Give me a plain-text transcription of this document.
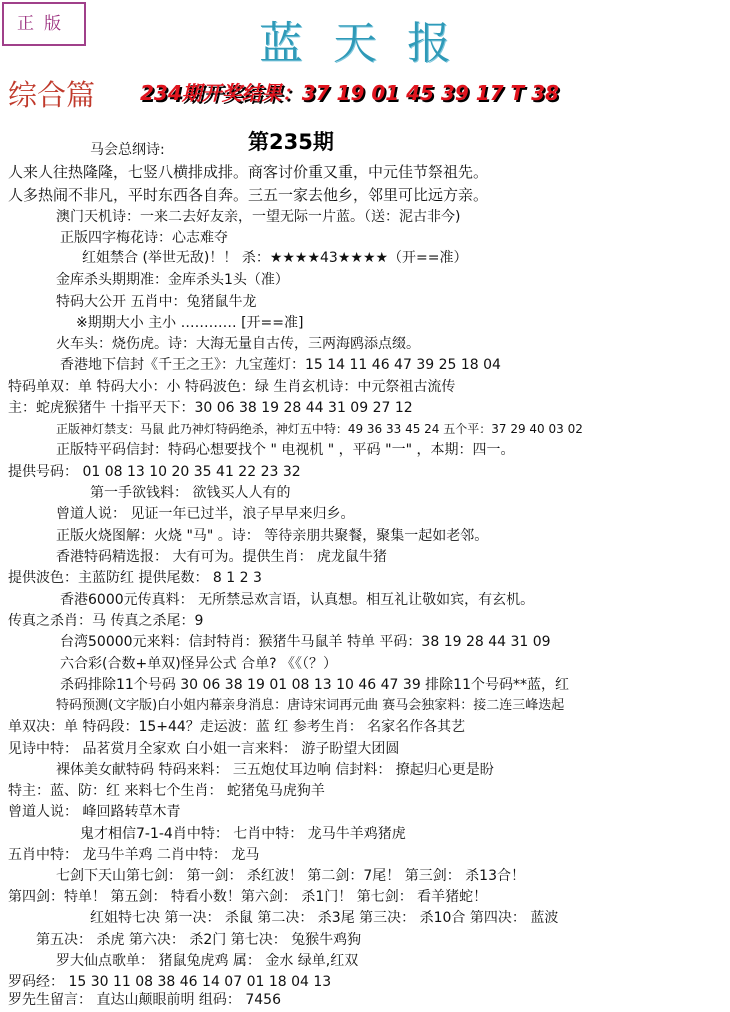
正版	蓝天报
综合篇 234期开奖结果：37 19 01 45 39 17 T 38
第235期
马会总纲诗:
人来人往热隆隆，七竖八横排成排。商客讨价重又重，中元佳节祭祖先。
人多热闹不非凡，平时东西各自奔。三五一家去他乡，邻里可比远方亲。
澳门天机诗：一来二去好友亲，一望无际一片蓝。（送：泥古非今)
正版四字梅花诗：心志难夺
红姐禁合 (举世无敌)！！ 杀：★★★★43★★★★（开==准）
金库杀头期期准：金库杀头1头（准）
特码大公开 五肖中：兔猪鼠牛龙
※期期大小 主小 ………… [开==准]
火车头：烧伤虎。诗：大海无量自古传，三两海鸥添点缀。
香港地下信封《千王之王》：九宝莲灯：15 14 11 46 47 39 25 18 04
特码单双：单 特码大小：小 特码波色：绿 生肖玄机诗：中元祭祖古流传
主：蛇虎猴猪牛 十指平天下：30 06 38 19 28 44 31 09 27 12
正版神灯禁支：马鼠 此乃神灯特码绝杀，神灯五中特：49 36 33 45 24 五个平：37 29 40 03 02
正版特平码信封：特码心想要找个 " 电视机 " ，平码 "一" ，本期：四一。
提供号码： 01 08 13 10 20 35 41 22 23 32
第一手欲钱料： 欲钱买人人有的
曾道人说： 见证一年已过半，浪子早早来归乡。
正版火烧图解：火烧 "马" 。诗： 等待亲朋共聚餐，聚集一起如老邻。
香港特码精选报： 大有可为。提供生肖： 虎龙鼠牛猪
提供波色：主蓝防红 提供尾数： 8 1 2 3
香港6000元传真料： 无所禁忌欢言语，认真想。相互礼让敬如宾，有玄机。
传真之杀肖：马 传真之杀尾：9
台湾50000元来料：信封特肖：猴猪牛马鼠羊 特单 平码：38 19 28 44 31 09
六合彩(合数+单双)怪异公式 合单? 《《（？）
杀码排除11个号码 30 06 38 19 01 08 13 10 46 47 39 排除11个号码**蓝，红
特码预测(文字版)白小姐内幕亲身消息：唐诗宋词再元曲 赛马会独家料：接二连三峰迭起
单双决：单 特码段：15+44？走运波：蓝 红 参考生肖： 名家名作各其艺
见诗中特： 品茗赏月全家欢 白小姐一言来料： 游子盼望大团圆
裸体美女献特码 特码来料： 三五炮仗耳边响 信封料： 撩起归心更是盼
特主：蓝、防：红 来料七个生肖： 蛇猪兔马虎狗羊
曾道人说： 峰回路转草木青
鬼才相信7-1-4肖中特： 七肖中特： 龙马牛羊鸡猪虎
五肖中特： 龙马牛羊鸡 二肖中特： 龙马
七剑下天山第七剑： 第一剑： 杀红波！ 第二剑：7尾！ 第三剑： 杀13合！
第四剑：特单！ 第五剑： 特看小数！第六剑： 杀1门！ 第七剑： 看羊猪蛇！
红姐特七决 第一决： 杀鼠 第二决： 杀3尾 第三决： 杀10合 第四决： 蓝波
第五决： 杀虎 第六决： 杀2门 第七决： 兔猴牛鸡狗
罗大仙点歌单： 猪鼠兔虎鸡 属： 金水 绿单,红双
罗码经： 15 30 11 08 38 46 14 07 01 18 04 13
罗先生留言： 直达山颠眼前明 组码： 7456
